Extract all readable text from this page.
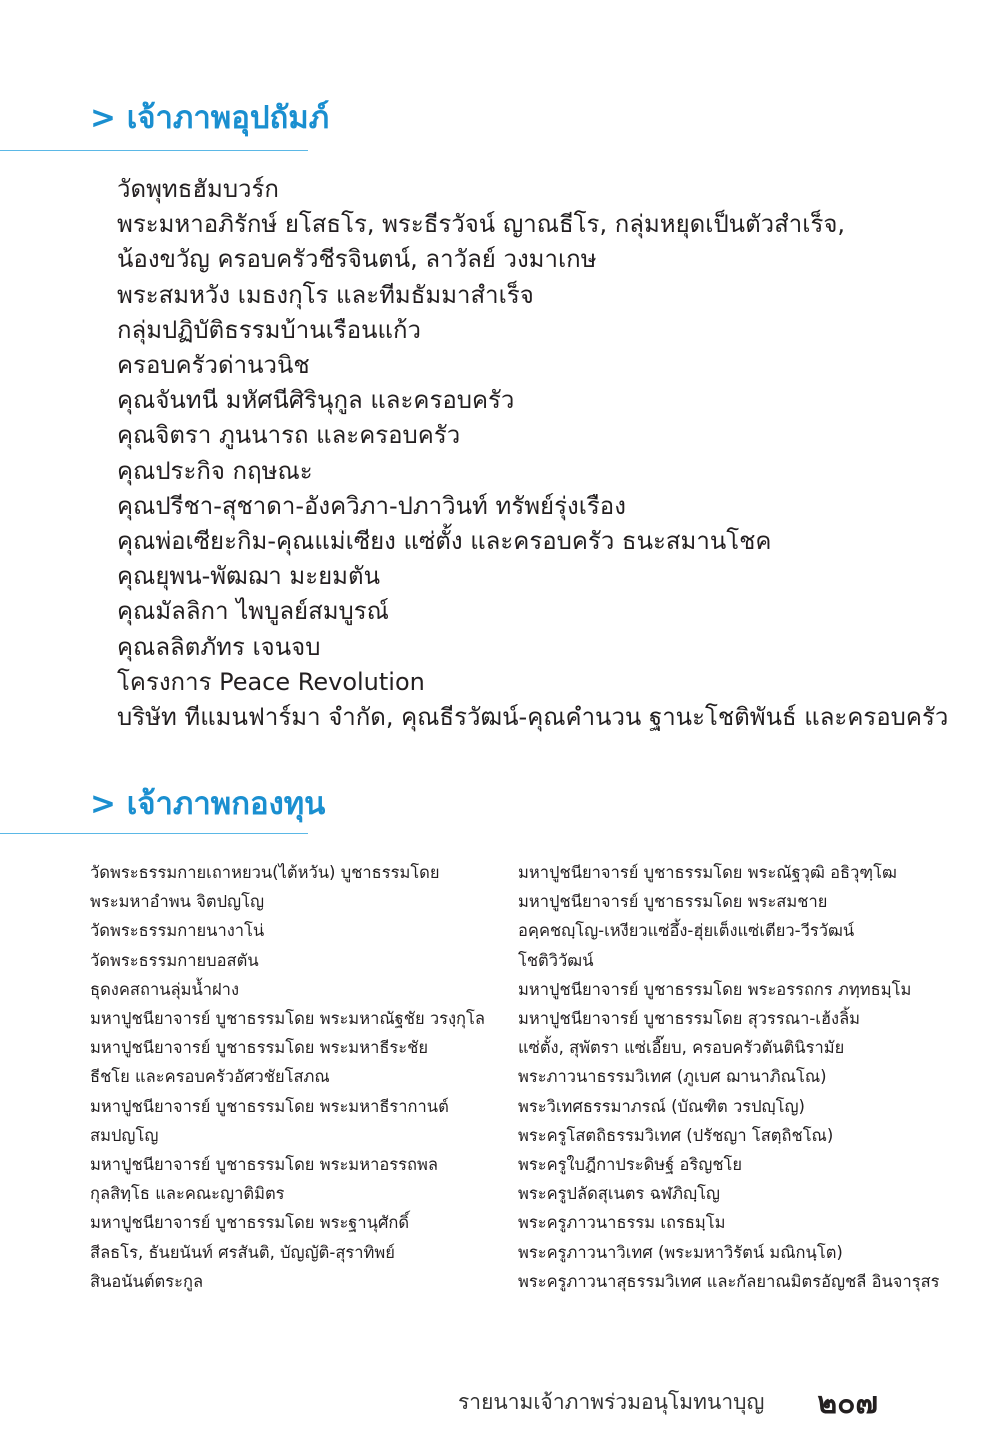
> เจ้าภาพอุปถัมภ์
วัดพุทธฮัมบวร์ก
พระมหาอภิรักษ์ ยโสธโร, พระธีรวัจน์ ญาณธีโร, กลุ่มหยุดเป็นตัวสำเร็จ,
น้องขวัญ ครอบครัวชีรจินตน์, ลาวัลย์ วงมาเกษ
พระสมหวัง เมธงกุโร และทีมธัมมาสำเร็จ
กลุ่มปฏิบัติธรรมบ้านเรือนแก้ว
ครอบครัวด่านวนิช
คุณจันทนี มหัศนีศิรินุกูล และครอบครัว
คุณจิตรา ภูนนารถ และครอบครัว
คุณประกิจ กฤษณะ
คุณปรีชา-สุชาดา-อังควิภา-ปภาวินท์ ทรัพย์รุ่งเรือง
คุณพ่อเซียะกิม-คุณแม่เซียง แซ่ตั้ง และครอบครัว ธนะสมานโชค
คุณยุพน-พัฒฌา มะยมตัน
คุณมัลลิกา ไพบูลย์สมบูรณ์
คุณลลิตภัทร เจนจบ
โครงการ Peace Revolution
บริษัท ทีแมนฟาร์มา จำกัด, คุณธีรวัฒน์-คุณคำนวน ฐานะโชติพันธ์ และครอบครัว
> เจ้าภาพกองทุน
วัดพระธรรมกายเถาหยวน(ไต้หวัน) บูชาธรรมโดย
พระมหาอำพน จิตปญโญ
วัดพระธรรมกายนางาโน่
วัดพระธรรมกายบอสตัน
ธุดงคสถานลุ่มน้ำฝาง
มหาปูชนียาจารย์ บูชาธรรมโดย พระมหาณัฐชัย วรงฺกุโล
มหาปูชนียาจารย์ บูชาธรรมโดย พระมหาธีระชัย
ธีชโย และครอบครัวอัศวชัยโสภณ
มหาปูชนียาจารย์ บูชาธรรมโดย พระมหาธีรากานต์
สมปญโญ
มหาปูชนียาจารย์ บูชาธรรมโดย พระมหาอรรถพล
กุลสิทฺโธ และคณะญาติมิตร
มหาปูชนียาจารย์ บูชาธรรมโดย พระฐานุศักดิ์
สีลธโร, ธันยนันท์ ศรสันติ, บัญญัติ-สุราทิพย์
สินอนันต์ตระกูล
มหาปูชนียาจารย์ บูชาธรรมโดย พระณัฐวุฒิ อธิวุฑฺโฒ
มหาปูชนียาจารย์ บูชาธรรมโดย พระสมชาย
อคฺคชญฺโญ-เหงียวแซ่อึ้ง-ฮุ่ยเต็งแซ่เตียว-วีรวัฒน์
โชติวิวัฒน์
มหาปูชนียาจารย์ บูชาธรรมโดย พระอรรถกร ภทฺทธมฺโม
มหาปูชนียาจารย์ บูชาธรรมโดย สุวรรณา-เฮ้งลิ้ม
แซ่ตั้ง, สุพัตรา แซ่เอี๊ยบ, ครอบครัวตันตินิรามัย
พระภาวนาธรรมวิเทศ (ภูเบศ ฌานาภิณโณ)
พระวิเทศธรรมาภรณ์ (บัณฑิต วรปญฺโญ)
พระครูโสตถิธรรมวิเทศ (ปรัชญา โสตฺถิชโณ)
พระครูใบฎีกาประดิษฐ์ อริญชโย
พระครูปลัดสุเนตร ฉฬภิญฺโญ
พระครูภาวนาธรรม เถรธมฺโม
พระครูภาวนาวิเทศ (พระมหาวิรัตน์ มณิกนฺโต)
พระครูภาวนาสุธรรมวิเทศ และกัลยาณมิตรอัญชลี อินจารุสร
รายนามเจ้าภาพร่วมอนุโมทนาบุญ ๒๐๗
